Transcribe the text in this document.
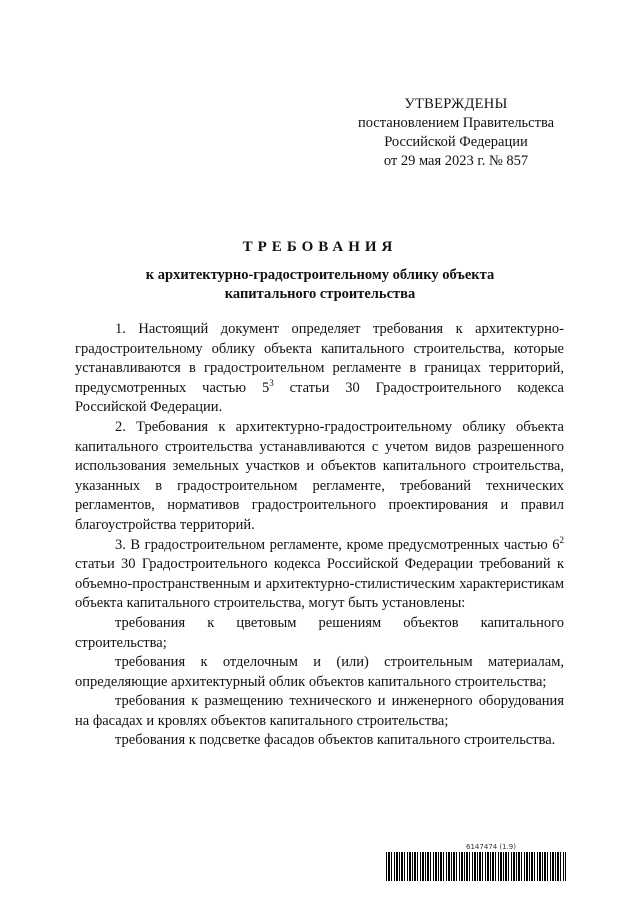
УТВЕРЖДЕНЫ
постановлением Правительства
Российской Федерации
от 29 мая 2023 г. № 857
ТРЕБОВАНИЯ
к архитектурно-градостроительному облику объекта
капитального строительства

1. Настоящий документ определяет требования к архитектурно-градостроительному облику объекта капитального строительства, которые устанавливаются в градостроительном регламенте в границах территорий, предусмотренных частью $5^3$ статьи 30 Градостроительного кодекса Российской Федерации.

2. Требования к архитектурно-градостроительному облику объекта капитального строительства устанавливаются с учетом видов разрешенного использования земельных участков и объектов капитального строительства, указанных в градостроительном регламенте, требований технических регламентов, нормативов градостроительного проектирования и правил благоустройства территорий.

3. В градостроительном регламенте, кроме предусмотренных частью $6^2$ статьи 30 Градостроительного кодекса Российской Федерации требований к объемно-пространственным и архитектурно-стилистическим характеристикам объекта капитального строительства, могут быть установлены:

требования к цветовым решениям объектов капитального строительства;

требования к отделочным и (или) строительным материалам, определяющие архитектурный облик объектов капитального строительства;

требования к размещению технического и инженерного оборудования на фасадах и кровлях объектов капитального строительства;

требования к подсветке фасадов объектов капитального строительства.

6147474 (1.9)
